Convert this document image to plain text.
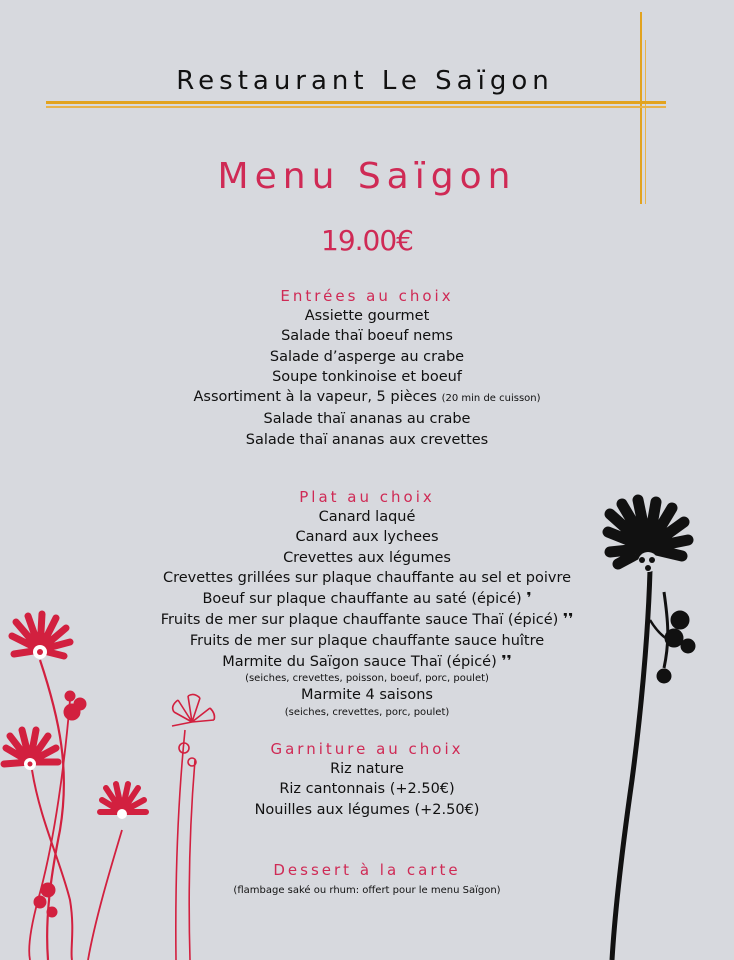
Restaurant Le Saïgon
Menu Saïgon
19.00€
Entrées au choix
Assiette gourmet
Salade thaï boeuf nems
Salade d’asperge au crabe
Soupe tonkinoise et boeuf
Assortiment à la vapeur, 5 pièces (20 min de cuisson)
Salade thaï ananas au crabe
Salade thaï ananas aux crevettes
Plat au choix
Canard laqué
Canard aux lychees
Crevettes aux légumes
Crevettes grillées sur plaque chauffante au sel et poivre
Boeuf sur plaque chauffante au saté (épicé) ❜
Fruits de mer sur plaque chauffante sauce Thaï (épicé) ❜❜
Fruits de mer sur plaque chauffante sauce huître
Marmite du Saïgon sauce Thaï (épicé) ❜❜
(seiches, crevettes, poisson, boeuf, porc, poulet)
Marmite 4 saisons
(seiches, crevettes, porc, poulet)
Garniture au choix
Riz nature
Riz cantonnais (+2.50€)
Nouilles aux légumes (+2.50€)
Dessert à la carte
(flambage saké ou rhum: offert pour le menu Saïgon)
